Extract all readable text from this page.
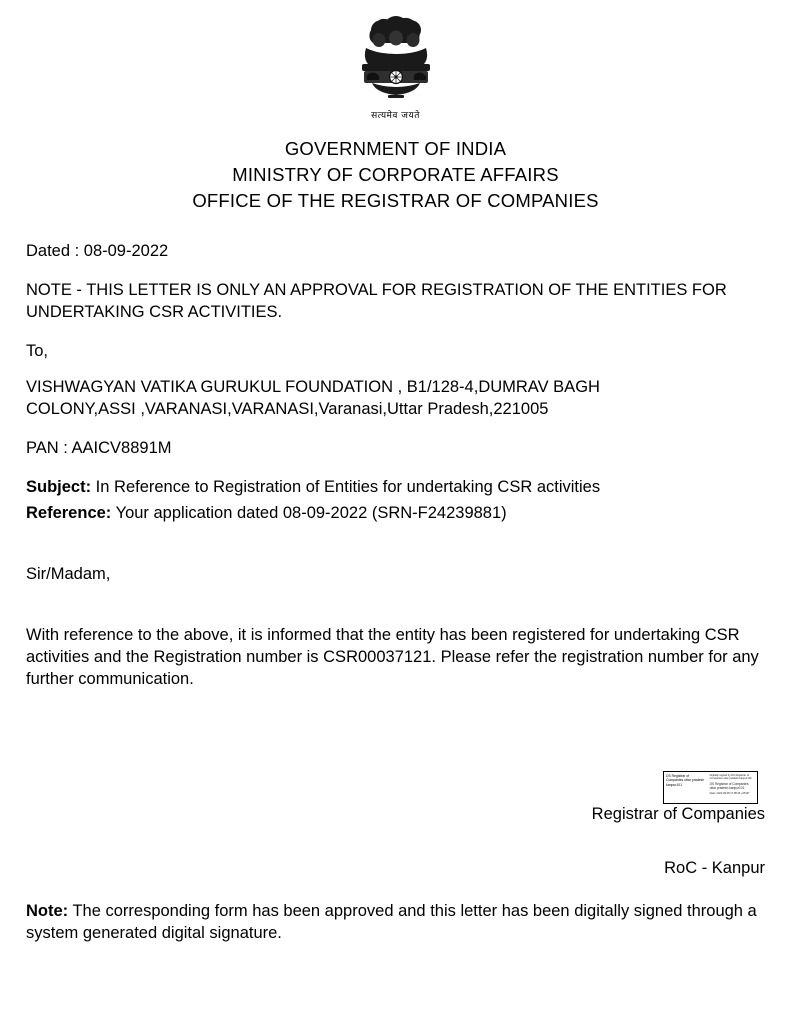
सत्यमेव जयते
GOVERNMENT OF INDIA
MINISTRY OF CORPORATE AFFAIRS
OFFICE OF THE REGISTRAR OF COMPANIES
Dated : 08-09-2022
NOTE - THIS LETTER IS ONLY AN APPROVAL FOR REGISTRATION OF THE ENTITIES FOR UNDERTAKING CSR ACTIVITIES.
To,
VISHWAGYAN VATIKA GURUKUL FOUNDATION , B1/128-4,DUMRAV BAGH
COLONY,ASSI ,VARANASI,VARANASI,Varanasi,Uttar Pradesh,221005
PAN : AAICV8891M
Subject: In Reference to Registration of Entities for undertaking CSR activities
Reference: Your application dated 08-09-2022 (SRN-F24239881)
Sir/Madam,
With reference to the above, it is informed that the entity has been registered for undertaking CSR activities and the Registration number is CSR00037121. Please refer the registration number for any further communication.
DS Registrar of Companies uttar pradesh kanpur101
Digitally signed by DS Registrar of Companies uttar pradesh kanpur101
DS Registrar of Companies uttar pradesh kanpur101
Date: 2022.09.08 17:08:24 +05'30'
Registrar of Companies
RoC - Kanpur
Note: The corresponding form has been approved and this letter has been digitally signed through a system generated digital signature.
